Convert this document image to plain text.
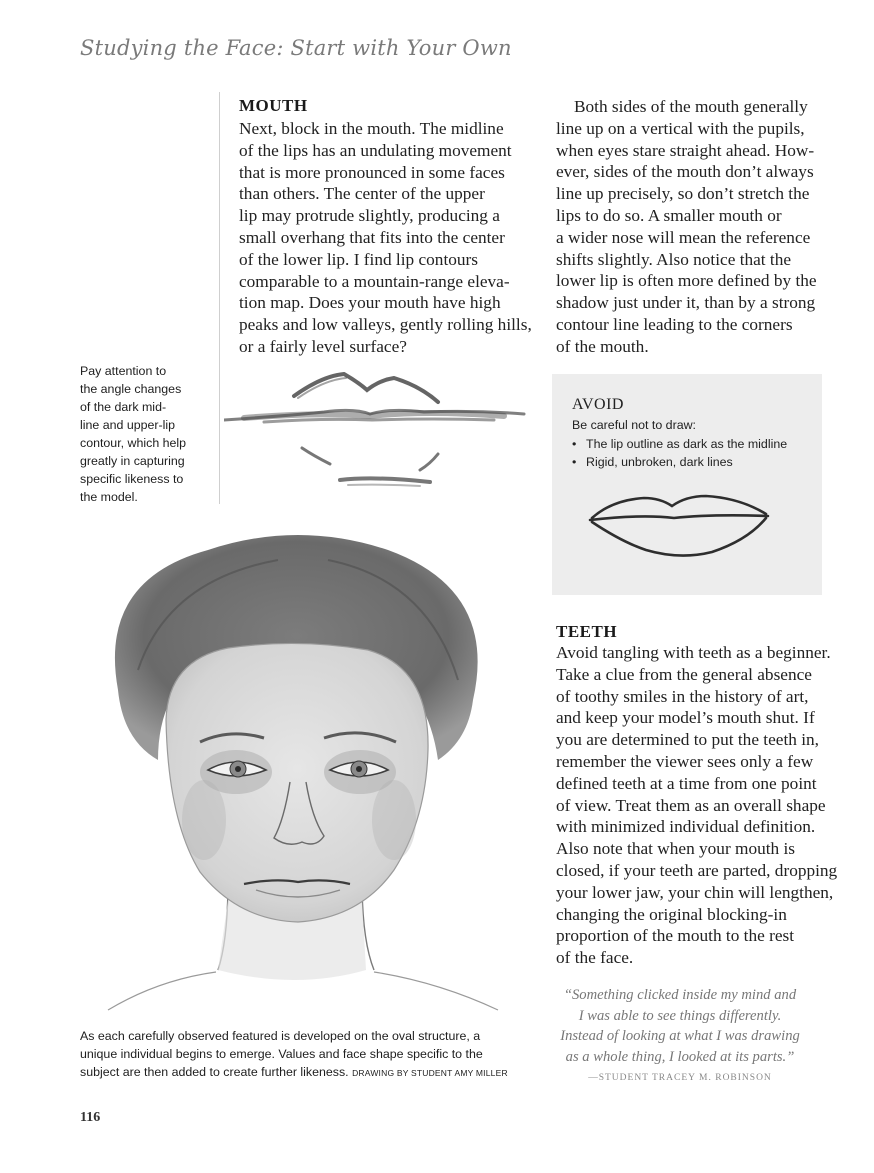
Studying the Face: Start with Your Own
MOUTH
Next, block in the mouth. The midline
of the lips has an undulating movement
that is more pronounced in some faces
than others. The center of the upper
lip may protrude slightly, producing a
small overhang that fits into the center
of the lower lip. I find lip contours
comparable to a mountain-range eleva-
tion map. Does your mouth have high
peaks and low valleys, gently rolling hills,
or a fairly level surface?
Both sides of the mouth generally
line up on a vertical with the pupils,
when eyes stare straight ahead. How-
ever, sides of the mouth don’t always
line up precisely, so don’t stretch the
lips to do so. A smaller mouth or
a wider nose will mean the reference
shifts slightly. Also notice that the
lower lip is often more defined by the
shadow just under it, than by a strong
contour line leading to the corners
of the mouth.
Pay attention to
the angle changes
of the dark mid-
line and upper-lip
contour, which help
greatly in capturing
specific likeness to
the model.
AVOID
Be careful not to draw:
• The lip outline as dark as the midline
• Rigid, unbroken, dark lines
TEETH
Avoid tangling with teeth as a beginner.
Take a clue from the general absence
of toothy smiles in the history of art,
and keep your model’s mouth shut. If
you are determined to put the teeth in,
remember the viewer sees only a few
defined teeth at a time from one point
of view. Treat them as an overall shape
with minimized individual definition.
Also note that when your mouth is
closed, if your teeth are parted, dropping
your lower jaw, your chin will lengthen,
changing the original blocking-in
proportion of the mouth to the rest
of the face.
“Something clicked inside my mind and
I was able to see things differently.
Instead of looking at what I was drawing
as a whole thing, I looked at its parts.”
—STUDENT TRACEY M. ROBINSON
As each carefully observed featured is developed on the oval structure, a
unique individual begins to emerge. Values and face shape specific to the
subject are then added to create further likeness. DRAWING BY STUDENT AMY MILLER
116
